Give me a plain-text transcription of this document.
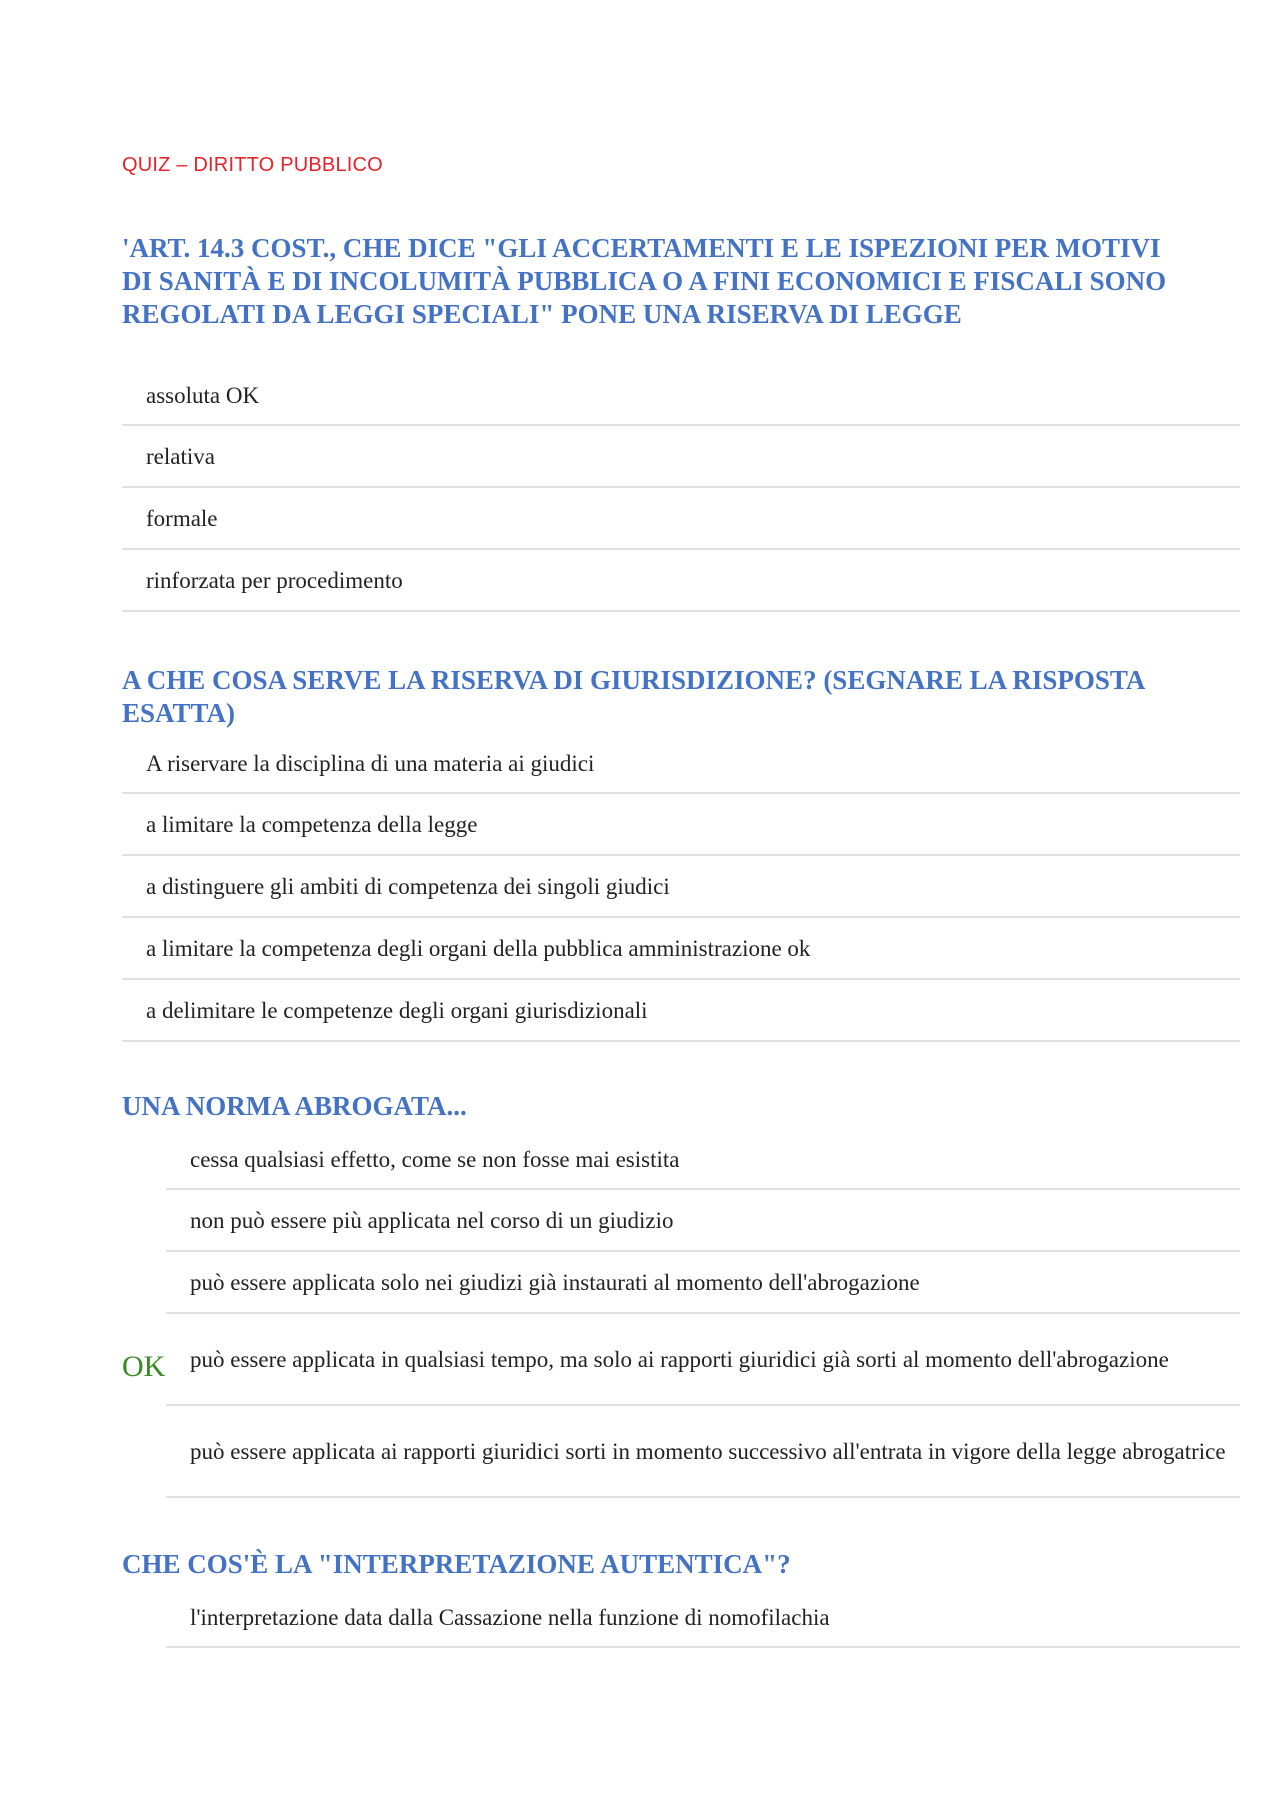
QUIZ – DIRITTO PUBBLICO
'ART. 14.3 COST., CHE DICE "GLI ACCERTAMENTI E LE ISPEZIONI PER MOTIVI DI SANITÀ E DI INCOLUMITÀ PUBBLICA O A FINI ECONOMICI E FISCALI SONO REGOLATI DA LEGGI SPECIALI" PONE UNA RISERVA DI LEGGE
assoluta OK
relativa
formale
rinforzata per procedimento
A CHE COSA SERVE LA RISERVA DI GIURISDIZIONE? (SEGNARE LA RISPOSTA ESATTA)
A riservare la disciplina di una materia ai giudici
a limitare la competenza della legge
a distinguere gli ambiti di competenza dei singoli giudici
a limitare la competenza degli organi della pubblica amministrazione ok
a delimitare le competenze degli organi giurisdizionali
UNA NORMA ABROGATA...
cessa qualsiasi effetto, come se non fosse mai esistita
non può essere più applicata nel corso di un giudizio
può essere applicata solo nei giudizi già instaurati al momento dell'abrogazione
può essere applicata in qualsiasi tempo, ma solo ai rapporti giuridici già sorti al momento dell'abrogazione
può essere applicata ai rapporti giuridici sorti in momento successivo all'entrata in vigore della legge abrogatrice
OK
CHE COS'È LA "INTERPRETAZIONE AUTENTICA"?
l'interpretazione data dalla Cassazione nella funzione di nomofilachia
